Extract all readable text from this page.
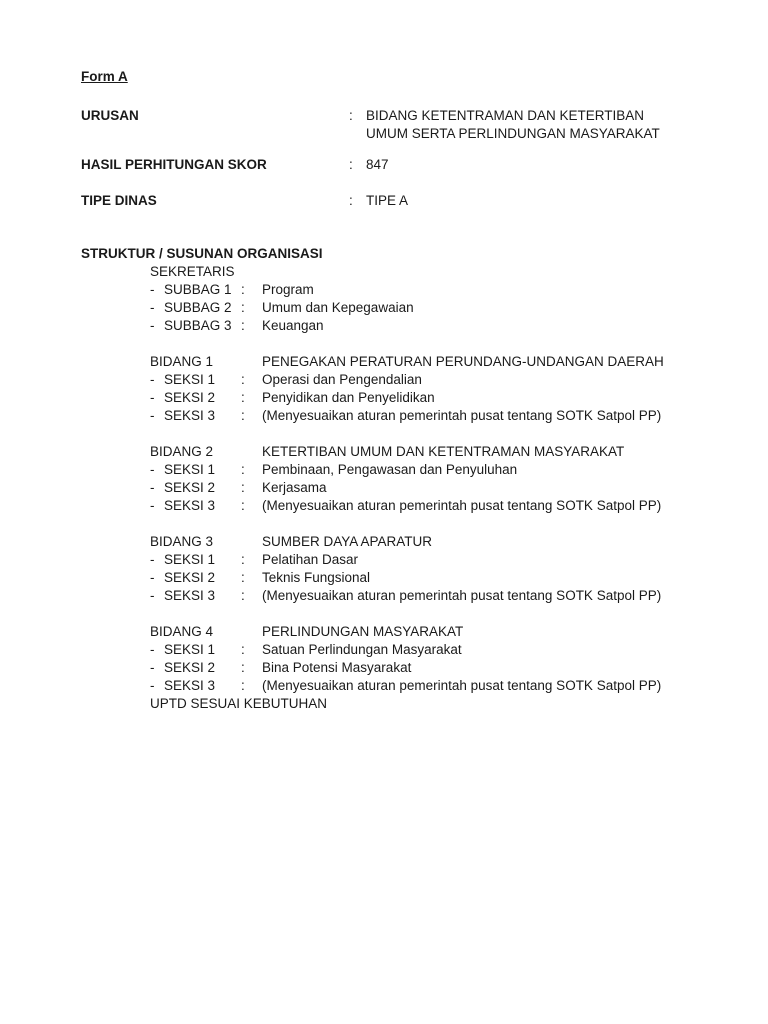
Form A
URUSAN	: BIDANG KETENTRAMAN DAN KETERTIBAN
UMUM SERTA PERLINDUNGAN MASYARAKAT
HASIL PERHITUNGAN SKOR	: 847
TIPE DINAS	: TIPE A
STRUKTUR / SUSUNAN ORGANISASI
SEKRETARIS
- SUBBAG 1 : Program
- SUBBAG 2 : Umum dan Kepegawaian
- SUBBAG 3 : Keuangan
BIDANG 1	PENEGAKAN PERATURAN PERUNDANG-UNDANGAN DAERAH
- SEKSI 1 : Operasi dan Pengendalian
- SEKSI 2 : Penyidikan dan Penyelidikan
- SEKSI 3 : (Menyesuaikan aturan pemerintah pusat tentang SOTK Satpol PP)
BIDANG 2	KETERTIBAN UMUM DAN KETENTRAMAN MASYARAKAT
- SEKSI 1 : Pembinaan, Pengawasan dan Penyuluhan
- SEKSI 2 : Kerjasama
- SEKSI 3 : (Menyesuaikan aturan pemerintah pusat tentang SOTK Satpol PP)
BIDANG 3	SUMBER DAYA APARATUR
- SEKSI 1 : Pelatihan Dasar
- SEKSI 2 : Teknis Fungsional
- SEKSI 3 : (Menyesuaikan aturan pemerintah pusat tentang SOTK Satpol PP)
BIDANG 4	PERLINDUNGAN MASYARAKAT
- SEKSI 1 : Satuan Perlindungan Masyarakat
- SEKSI 2 : Bina Potensi Masyarakat
- SEKSI 3 : (Menyesuaikan aturan pemerintah pusat tentang SOTK Satpol PP)
UPTD SESUAI KEBUTUHAN
